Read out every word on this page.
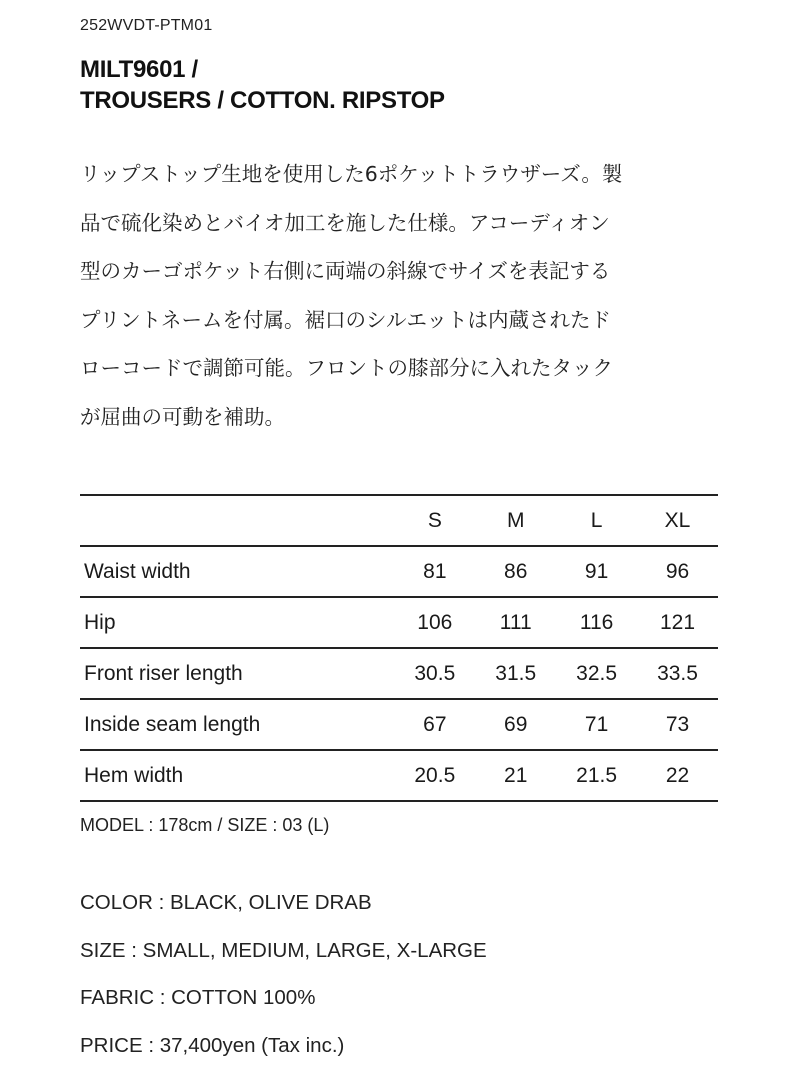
252WVDT-PTM01
MILT9601 /
TROUSERS / COTTON. RIPSTOP
リップストップ生地を使用した6ポケットトラウザーズ。製
品で硫化染めとバイオ加工を施した仕様。アコーディオン
型のカーゴポケット右側に両端の斜線でサイズを表記する
プリントネームを付属。裾口のシルエットは内蔵されたド
ローコードで調節可能。フロントの膝部分に入れたタック
が屈曲の可動を補助。
	S	M	L	XL
Waist width	81	86	91	96
Hip	106	111	116	121
Front riser length	30.5	31.5	32.5	33.5
Inside seam length	67	69	71	73
Hem width	20.5	21	21.5	22
MODEL : 178cm / SIZE : 03 (L)
COLOR : BLACK, OLIVE DRAB
SIZE : SMALL, MEDIUM, LARGE, X-LARGE
FABRIC : COTTON 100%
PRICE : 37,400yen (Tax inc.)
